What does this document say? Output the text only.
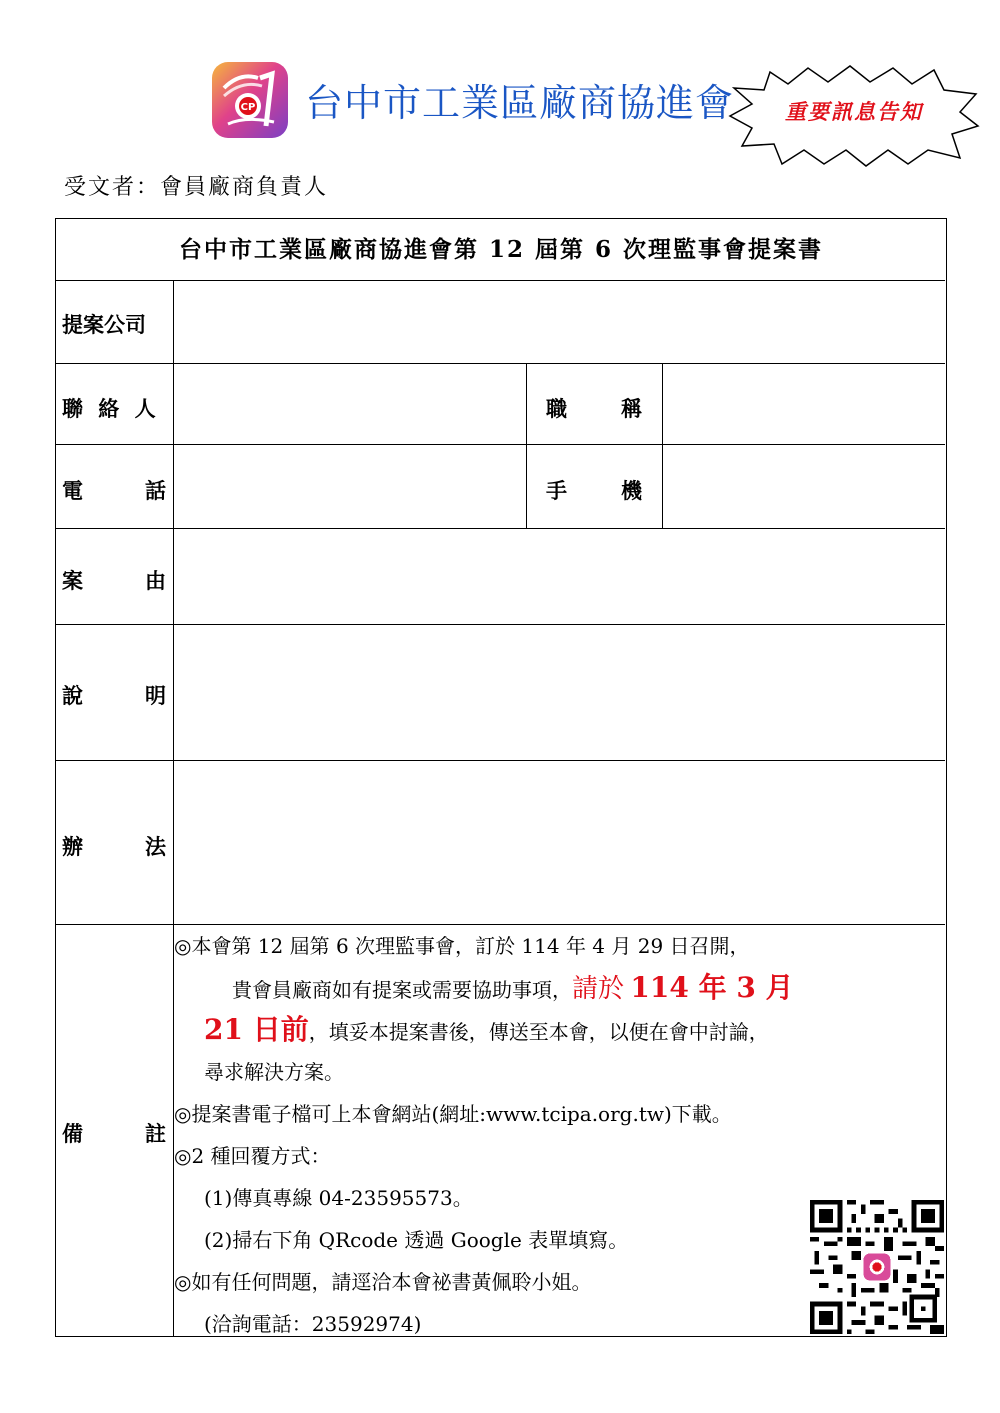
CP 台中市工業區廠商協進會	重要訊息告知
受文者：會員廠商負責人
台中市工業區廠商協進會第 12 屆第 6 次理監事會提案書
提案公司
聯 絡 人	職 稱
電 話	手 機
案 由
說 明
辦 法
備 註
◎本會第 12 屆第 6 次理監事會，訂於 114 年 4 月 29 日召開，
貴會員廠商如有提案或需要協助事項，請於 114 年 3 月
21 日前，填妥本提案書後，傳送至本會，以便在會中討論，
尋求解決方案。
◎提案書電子檔可上本會網站(網址:www.tcipa.org.tw)下載。
◎2 種回覆方式：
(1)傳真專線 04-23595573。
(2)掃右下角 QRcode 透過 Google 表單填寫。
◎如有任何問題，請逕洽本會祕書黃佩聆小姐。
(洽詢電話：23592974)
